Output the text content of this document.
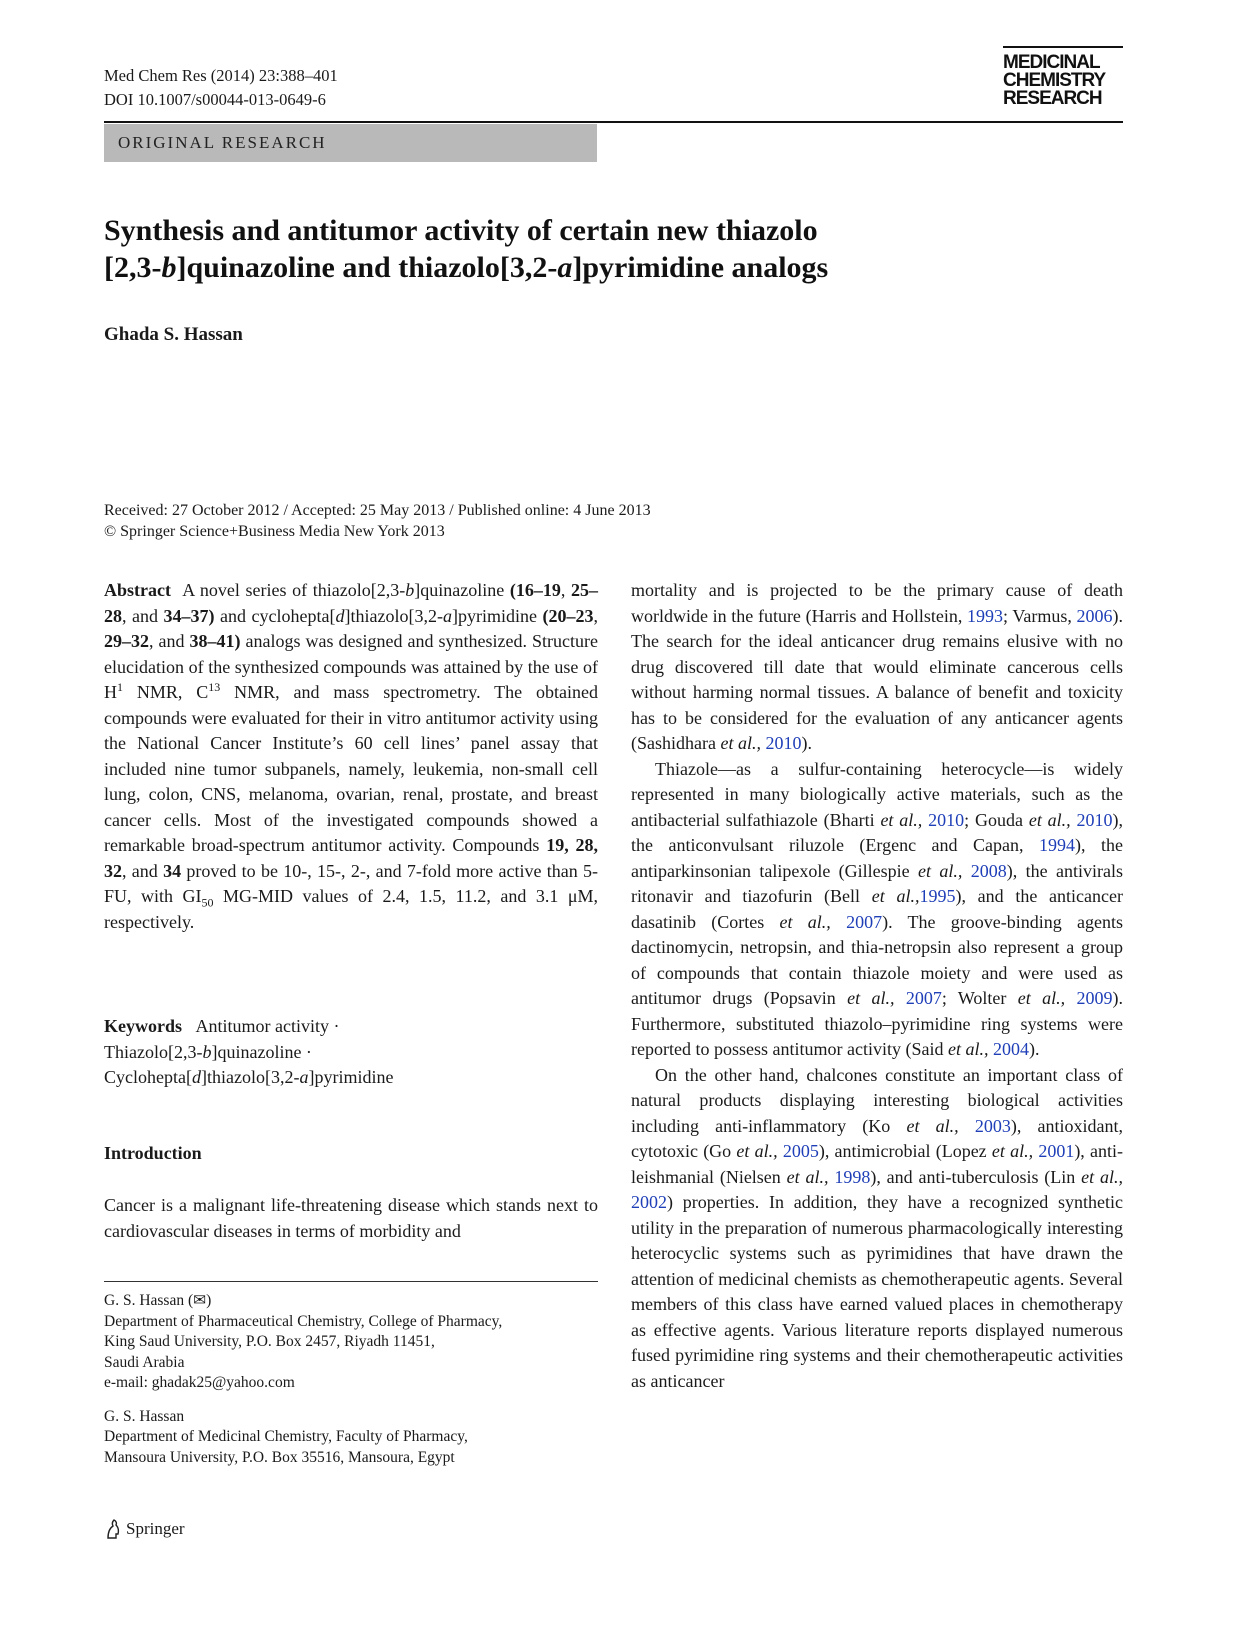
Med Chem Res (2014) 23:388–401
DOI 10.1007/s00044-013-0649-6
MEDICINAL
CHEMISTRY
RESEARCH
ORIGINAL RESEARCH
Synthesis and antitumor activity of certain new thiazolo
[2,3-b]quinazoline and thiazolo[3,2-a]pyrimidine analogs
Ghada S. Hassan
Received: 27 October 2012 / Accepted: 25 May 2013 / Published online: 4 June 2013
© Springer Science+Business Media New York 2013

Abstract A novel series of thiazolo[2,3-b]quinazoline (16–19, 25–28, and 34–37) and cyclohepta[d]thiazolo[3,2-a]pyrimidine (20–23, 29–32, and 38–41) analogs was designed and synthesized. Structure elucidation of the synthesized compounds was attained by the use of $H^1$ NMR, $C^{13}$ NMR, and mass spectrometry. The obtained compounds were evaluated for their in vitro antitumor activity using the National Cancer Institute’s 60 cell lines’ panel assay that included nine tumor subpanels, namely, leukemia, non-small cell lung, colon, CNS, melanoma, ovarian, renal, prostate, and breast cancer cells. Most of the investigated compounds showed a remarkable broad-spectrum antitumor activity. Compounds 19, 28, 32, and 34 proved to be 10-, 15-, 2-, and 7-fold more active than 5-FU, with $GI_{50}$ MG-MID values of 2.4, 1.5, 11.2, and 3.1 μM, respectively.

Keywords Antitumor activity ·
Thiazolo[2,3-b]quinazoline ·
Cyclohepta[d]thiazolo[3,2-a]pyrimidine
Introduction

Cancer is a malignant life-threatening disease which stands next to cardiovascular diseases in terms of morbidity and

G. S. Hassan (✉)
Department of Pharmaceutical Chemistry, College of Pharmacy,
King Saud University, P.O. Box 2457, Riyadh 11451,
Saudi Arabia
e-mail: ghadak25@yahoo.com

G. S. Hassan
Department of Medicinal Chemistry, Faculty of Pharmacy,
Mansoura University, P.O. Box 35516, Mansoura, Egypt

mortality and is projected to be the primary cause of death worldwide in the future (Harris and Hollstein, 1993; Varmus, 2006). The search for the ideal anticancer drug remains elusive with no drug discovered till date that would eliminate cancerous cells without harming normal tissues. A balance of benefit and toxicity has to be considered for the evaluation of any anticancer agents (Sashidhara et al., 2010).

Thiazole—as a sulfur-containing heterocycle—is widely represented in many biologically active materials, such as the antibacterial sulfathiazole (Bharti et al., 2010; Gouda et al., 2010), the anticonvulsant riluzole (Ergenc and Capan, 1994), the antiparkinsonian talipexole (Gillespie et al., 2008), the antivirals ritonavir and tiazofurin (Bell et al.,1995), and the anticancer dasatinib (Cortes et al., 2007). The groove-binding agents dactinomycin, netropsin, and thia-netropsin also represent a group of compounds that contain thiazole moiety and were used as antitumor drugs (Popsavin et al., 2007; Wolter et al., 2009). Furthermore, substituted thiazolo–pyrimidine ring systems were reported to possess antitumor activity (Said et al., 2004).

On the other hand, chalcones constitute an important class of natural products displaying interesting biological activities including anti-inflammatory (Ko et al., 2003), antioxidant, cytotoxic (Go et al., 2005), antimicrobial (Lopez et al., 2001), anti-leishmanial (Nielsen et al., 1998), and anti-tuberculosis (Lin et al., 2002) properties. In addition, they have a recognized synthetic utility in the preparation of numerous pharmacologically interesting heterocyclic systems such as pyrimidines that have drawn the attention of medicinal chemists as chemotherapeutic agents. Several members of this class have earned valued places in chemotherapy as effective agents. Various literature reports displayed numerous fused pyrimidine ring systems and their chemotherapeutic activities as anticancer

Springer
